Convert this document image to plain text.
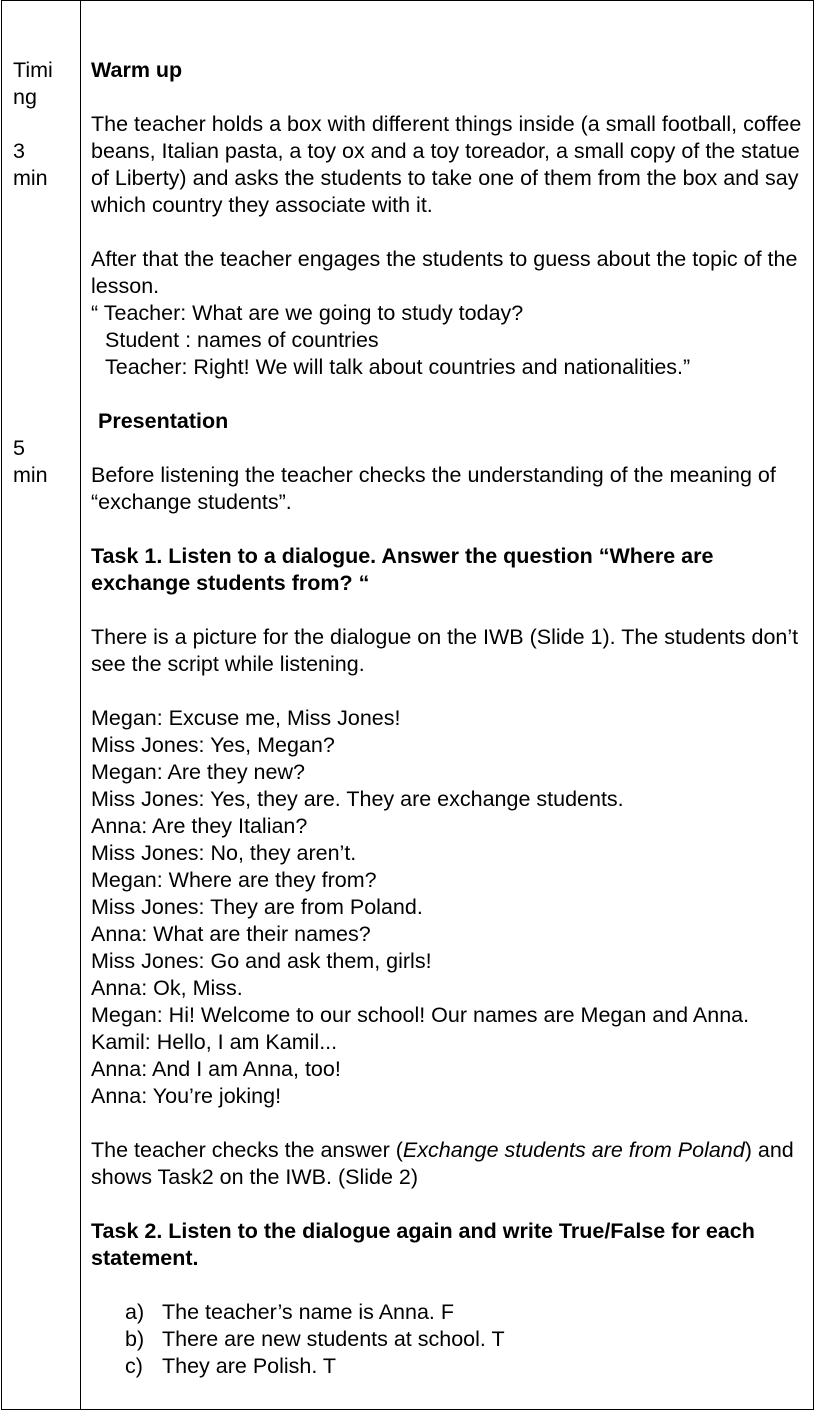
Timi

ng

3

min

5

min

Warm up

The teacher holds a box with different things inside (a small football, coffee beans, Italian pasta, a toy ox and a toy toreador, a small copy of the statue of Liberty) and asks the students to take one of them from the box and say which country they associate with it.

After that the teacher engages the students to guess about the topic of the lesson.

“ Teacher: What are we going to study today?

Student : names of countries

Teacher: Right! We will talk about countries and nationalities.”

Presentation

Before listening the teacher checks the understanding of the meaning of “exchange students”.

Task 1. Listen to a dialogue. Answer the question “Where are exchange students from? “

There is a picture for the dialogue on the IWB (Slide 1). The students don’t see the script while listening.

Megan: Excuse me, Miss Jones!

Miss Jones: Yes, Megan?

Megan: Are they new?

Miss Jones: Yes, they are. They are exchange students.

Anna: Are they Italian?

Miss Jones: No, they aren’t.

Megan: Where are they from?

Miss Jones: They are from Poland.

Anna: What are their names?

Miss Jones: Go and ask them, girls!

Anna: Ok, Miss.

Megan: Hi! Welcome to our school! Our names are Megan and Anna.

Kamil: Hello, I am Kamil...

Anna: And I am Anna, too!

Anna: You’re joking!

The teacher checks the answer (Exchange students are from Poland) and shows Task2 on the IWB. (Slide 2)

Task 2. Listen to the dialogue again and write True/False for each statement.

a) The teacher’s name is Anna. F
b) There are new students at school. T
c) They are Polish. T
